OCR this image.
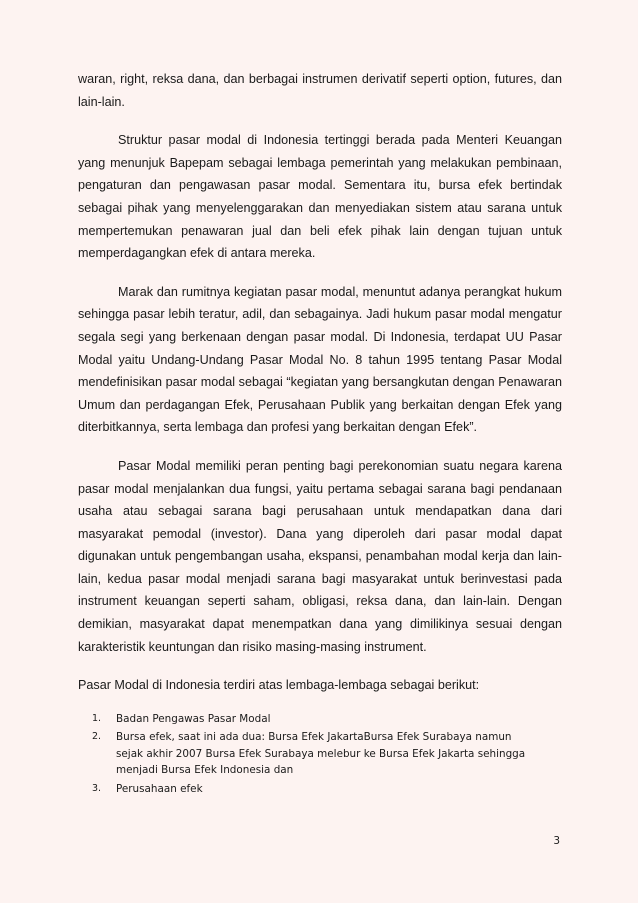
waran, right, reksa dana, dan berbagai instrumen derivatif seperti option, futures, dan lain-lain.

Struktur pasar modal di Indonesia tertinggi berada pada Menteri Keuangan yang menunjuk Bapepam sebagai lembaga pemerintah yang melakukan pembinaan, pengaturan dan pengawasan pasar modal. Sementara itu, bursa efek bertindak sebagai pihak yang menyelenggarakan dan menyediakan sistem atau sarana untuk mempertemukan penawaran jual dan beli efek pihak lain dengan tujuan untuk memperdagangkan efek di antara mereka.

Marak dan rumitnya kegiatan pasar modal, menuntut adanya perangkat hukum sehingga pasar lebih teratur, adil, dan sebagainya. Jadi hukum pasar modal mengatur segala segi yang berkenaan dengan pasar modal. Di Indonesia, terdapat UU Pasar Modal yaitu Undang-Undang Pasar Modal No. 8 tahun 1995 tentang Pasar Modal mendefinisikan pasar modal sebagai “kegiatan yang bersangkutan dengan Penawaran Umum dan perdagangan Efek, Perusahaan Publik yang berkaitan dengan Efek yang diterbitkannya, serta lembaga dan profesi yang berkaitan dengan Efek”.

Pasar Modal memiliki peran penting bagi perekonomian suatu negara karena pasar modal menjalankan dua fungsi, yaitu pertama sebagai sarana bagi pendanaan usaha atau sebagai sarana bagi perusahaan untuk mendapatkan dana dari masyarakat pemodal (investor). Dana yang diperoleh dari pasar modal dapat digunakan untuk pengembangan usaha, ekspansi, penambahan modal kerja dan lain-lain, kedua pasar modal menjadi sarana bagi masyarakat untuk berinvestasi pada instrument keuangan seperti saham, obligasi, reksa dana, dan lain-lain. Dengan demikian, masyarakat dapat menempatkan dana yang dimilikinya sesuai dengan karakteristik keuntungan dan risiko masing-masing instrument.

Pasar Modal di Indonesia terdiri atas lembaga-lembaga sebagai berikut:

1.	Badan Pengawas Pasar Modal
2.	Bursa efek, saat ini ada dua: Bursa Efek JakartaBursa Efek Surabaya namun sejak akhir 2007 Bursa Efek Surabaya melebur ke Bursa Efek Jakarta sehingga menjadi Bursa Efek Indonesia dan
3.	Perusahaan efek
3
